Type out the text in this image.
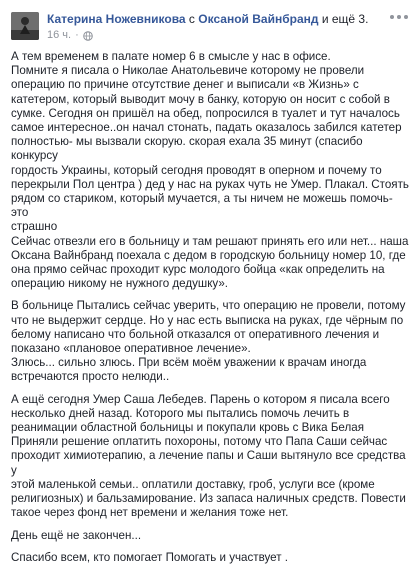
Катерина Ножевникова с Оксаной Вайнбранд и ещё 3.
16 ч. ·

А тем временем в палате номер 6 в смысле у нас в офисе.
Помните я писала о Николае Анатольевиче которому не провели
операцию по причине отсутствие денег и выписали «в Жизнь» с
катетером, который выводит мочу в банку, которую он носит с собой в
сумке. Сегодня он пришёл на обед, попросился в туалет и тут началось
самое интересное..он начал стонать, падать оказалось забился катетер
полностью- мы вызвали скорую. скорая ехала 35 минут (спасибо конкурсу
гордость Украины, который сегодня проводят в оперном и почему то
перекрыли Пол центра ) дед у нас на руках чуть не Умер. Плакал. Стоять
рядом со стариком, который мучается, а ты ничем не можешь помочь- это
страшно
Сейчас отвезли его в больницу и там решают принять его или нет... наша
Оксана Вайнбранд поехала с дедом в городскую больницу номер 10, где
она прямо сейчас проходит курс молодого бойца «как определить на
операцию никому не нужного дедушку».

В больнице Пытались сейчас уверить, что операцию не провели, потому
что не выдержит сердце. Но у нас есть выписка на руках, где чёрным по
белому написано что больной отказался от оперативного лечения и
показано «плановое оперативное лечение».
Злюсь... сильно злюсь. При всём моём уважении к врачам иногда
встречаются просто нелюди..

А ещё сегодня Умер Саша Лебедев. Парень о котором я писала всего
несколько дней назад. Которого мы пытались помочь лечить в
реанимации областной больницы и покупали кровь с Вика Белая
Приняли решение оплатить похороны, потому что Папа Саши сейчас
проходит химиотерапию, а лечение папы и Саши вытянуло все средства у
этой маленькой семьи.. оплатили доставку, гроб, услуги все (кроме
религиозных) и бальзамирование. Из запаса наличных средств. Повести
такое через фонд нет времени и желания тоже нет.

День ещё не закончен...

Спасибо всем, кто помогает Помогать и участвует .
